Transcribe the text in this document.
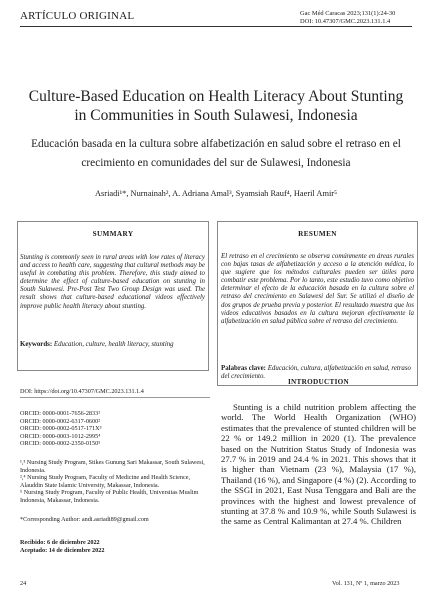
ARTÍCULO ORIGINAL	Gac Méd Caracas 2023;131(1):24-30
DOI: 10.47307/GMC.2023.131.1.4
Culture-Based Education on Health Literacy About Stunting in Communities in South Sulawesi, Indonesia
Educación basada en la cultura sobre alfabetización en salud sobre el retraso en el crecimiento en comunidades del sur de Sulawesi, Indonesia
Asriadi¹*, Nurnainah², A. Adriana Amal³, Syamsiah Rauf⁴, Haeril Amir⁵
SUMMARY
Stunting is commonly seen in rural areas with low rates of literacy and access to health care, suggesting that cultural methods may be useful in combating this problem. Therefore, this study aimed to determine the effect of culture-based education on stunting in South Sulawesi. Pre-Post Test Two Group Design was used. The result shows that culture-based educational videos effectively improve public health literacy about stunting.
Keywords: Education, culture, health literacy, stunting
RESUMEN
El retraso en el crecimiento se observa comúnmente en áreas rurales con bajas tasas de alfabetización y acceso a la atención médica, lo que sugiere que los métodos culturales pueden ser útiles para combatir este problema. Por lo tanto, este estudio tuvo como objetivo determinar el efecto de la educación basada en la cultura sobre el retraso del crecimiento en Sulawesi del Sur. Se utilizó el diseño de dos grupos de prueba previa y posterior. El resultado muestra que los videos educativos basados en la cultura mejoran efectivamente la alfabetización en salud pública sobre el retraso del crecimiento.
Palabras clave: Educación, cultura, alfabetización en salud, retraso del crecimiento.
DOI: https://doi.org/10.47307/GMC.2023.131.1.4
ORCID: 0000-0001-7656-2833¹
ORCID: 0000-0002-6317-0600²
ORCID: 0000-0002-0517-171X³
ORCID: 0000-0003-1012-2995⁴
ORCID: 0000-0002-2350-0150⁵
¹,³ Nursing Study Program, Stikes Gunung Sari Makassar, South Sulawesi, Indonesia.
²,⁴ Nursing Study Program, Faculty of Medicine and Health Science, Alauddin State Islamic University, Makassar, Indonesia.
⁵ Nursing Study Program, Faculty of Public Health, Universitas Muslim Indonesia, Makassar, Indonesia.
*Corresponding Author: andi.asriadi89@gmail.com
Recibido: 6 de diciembre 2022
Aceptado: 14 de diciembre 2022
INTRODUCTION
Stunting is a child nutrition problem affecting the world. The World Health Organization (WHO) estimates that the prevalence of stunted children will be 22 % or 149.2 million in 2020 (1). The prevalence based on the Nutrition Status Study of Indonesia was 27.7 % in 2019 and 24.4 % in 2021. This shows that it is higher than Vietnam (23 %), Malaysia (17 %), Thailand (16 %), and Singapore (4 %) (2). According to the SSGI in 2021, East Nusa Tenggara and Bali are the provinces with the highest and lowest prevalence of stunting at 37.8 % and 10.9 %, while South Sulawesi is the same as Central Kalimantan at 27.4 %. Children
24	Vol. 131, Nº 1, marzo 2023
